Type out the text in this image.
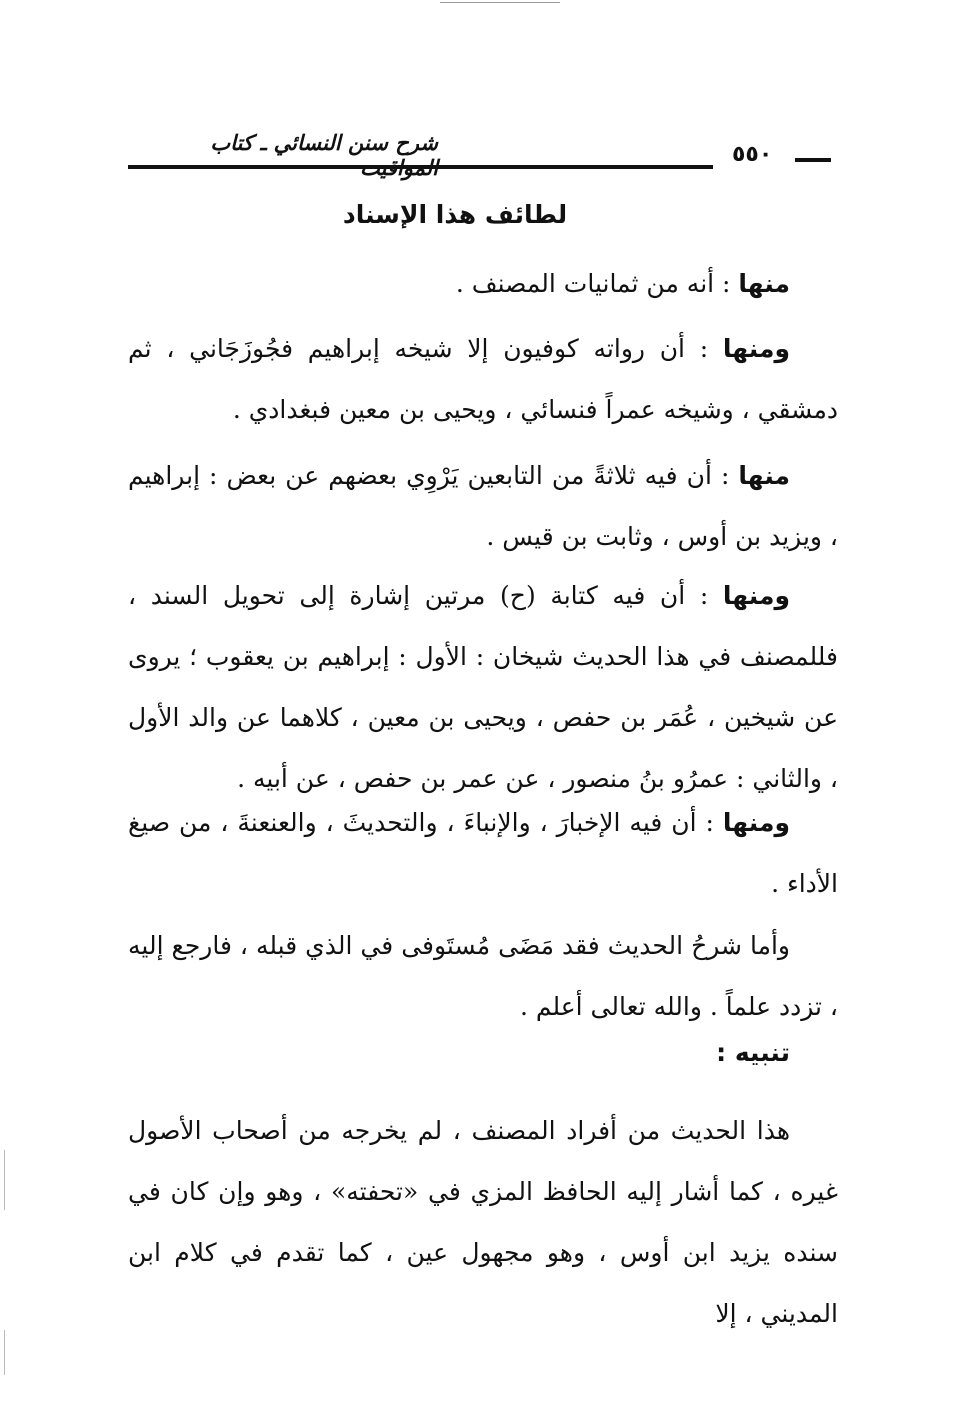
شرح سنن النسائي ـ كتاب	٥٥٠
لطائف هذا الإسناد
منها : أنه من ثمانيات المصنف .
ومنها : أن رواته كوفيون إلا شيخه إبراهيم فجُوزَجَاني ، ثم دمشقي ، وشيخه عمراً فنسائي ، ويحيى بن معين فبغدادي .
منها : أن فيه ثلاثةً من التابعين يَرْوِي بعضهم عن بعض : إبراهيم ، ويزيد بن أوس ، وثابت بن قيس .
ومنها : أن فيه كتابة (ح) مرتين إشارة إلى تحويل السند ، فللمصنف في هذا الحديث شيخان : الأول : إبراهيم بن يعقوب ؛ يروى عن شيخين ، عُمَر بن حفص ، ويحيى بن معين ، كلاهما عن والد الأول ، والثاني : عمرُو بنُ منصور ، عن عمر بن حفص ، عن أبيه .
ومنها : أن فيه الإخبارَ ، والإنباءَ ، والتحديثَ ، والعنعنةَ ، من صيغ الأداء .
وأما شرحُ الحديث فقد مَضَى مُستَوفى في الذي قبله ، فارجع إليه ، تزدد علماً . والله تعالى أعلم .
تنبيه :
هذا الحديث من أفراد المصنف ، لم يخرجه من أصحاب الأصول غيره ، كما أشار إليه الحافظ المزي في «تحفته» ، وهو وإن كان في سنده يزيد ابن أوس ، وهو مجهول عين ، كما تقدم في كلام ابن المديني ، إلا
